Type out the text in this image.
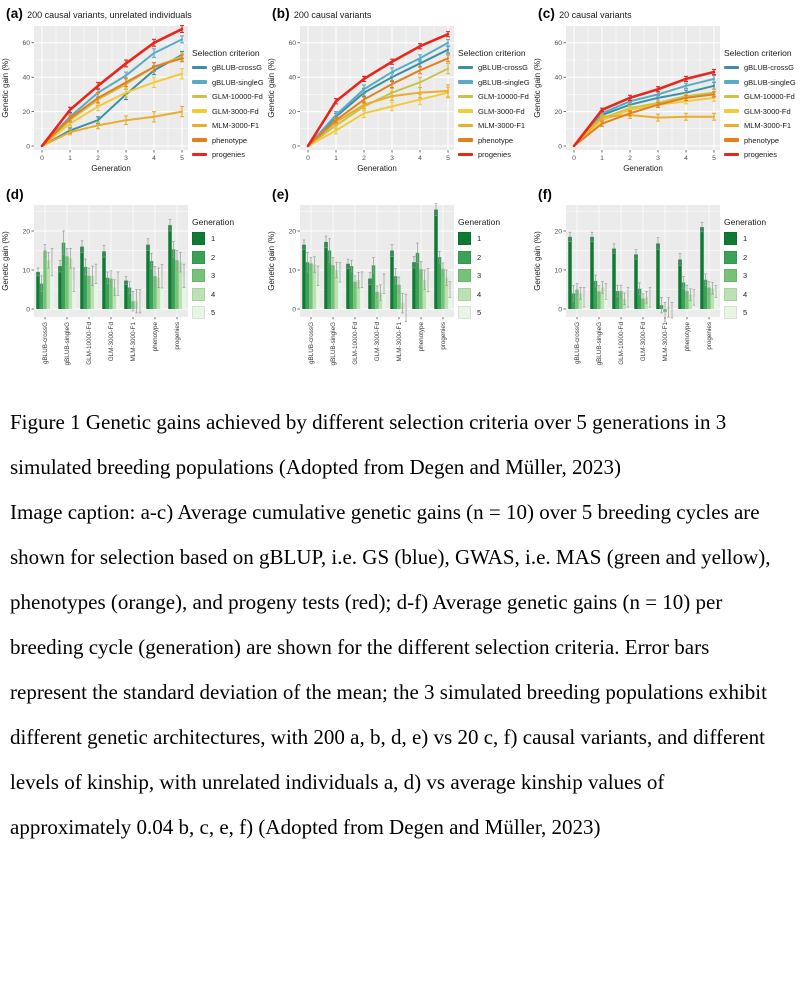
(a) 200 causal variants, unrelated individuals
0
20
40
60
0	1	2	3	4	5
Generation
Genetic gain (%)
Selection criterion
gBLUB-crossG
gBLUB-singleG
GLM-10000-Fd
GLM-3000-Fd
MLM-3000-F1
phenotype
progenies
(b) 200 causal variants
0
20
40
60
0	1	2	3	4	5
Generation
Genetic gain (%)
Selection criterion
gBLUB-crossG
gBLUB-singleG
GLM-10000-Fd
GLM-3000-Fd
MLM-3000-F1
phenotype
progenies
(c) 20 causal variants
0
20
40
60
0	1	2	3	4	5
Generation
Genetic gain (%)
Selection criterion
gBLUB-crossG
gBLUB-singleG
GLM-10000-Fd
GLM-3000-Fd
MLM-3000-F1
phenotype
progenies
(d)
0
10
20
gBLUB-crossG gBLUB-singleG GLM-10000-Fd GLM-3000-Fd MLM-3000-F1 phenotype progenies
Genetic gain (%)
Generation
1
2
3
4
5
(e)
0
10
20
gBLUB-crossG gBLUB-singleG GLM-10000-Fd GLM-3000-Fd MLM-3000-F1 phenotype progenies
Genetic gain (%)
Generation
1
2
3
4
5
(f)
0
10
20
gBLUB-crossG gBLUB-singleG GLM-10000-Fd GLM-3000-Fd MLM-3000-F1 phenotype progenies
Genetic gain (%)
Generation
1
2
3
4
5

Figure 1 Genetic gains achieved by different selection criteria over 5 generations in 3 simulated breeding populations (Adopted from Degen and Müller, 2023)

Image caption: a-c) Average cumulative genetic gains (n = 10) over 5 breeding cycles are shown for selection based on gBLUP, i.e. GS (blue), GWAS, i.e. MAS (green and yellow), phenotypes (orange), and progeny tests (red); d-f) Average genetic gains (n = 10) per breeding cycle (generation) are shown for the different selection criteria. Error bars represent the standard deviation of the mean; the 3 simulated breeding populations exhibit different genetic architectures, with 200 a, b, d, e) vs 20 c, f) causal variants, and different levels of kinship, with unrelated individuals a, d) vs average kinship values of approximately 0.04 b, c, e, f) (Adopted from Degen and Müller, 2023)
